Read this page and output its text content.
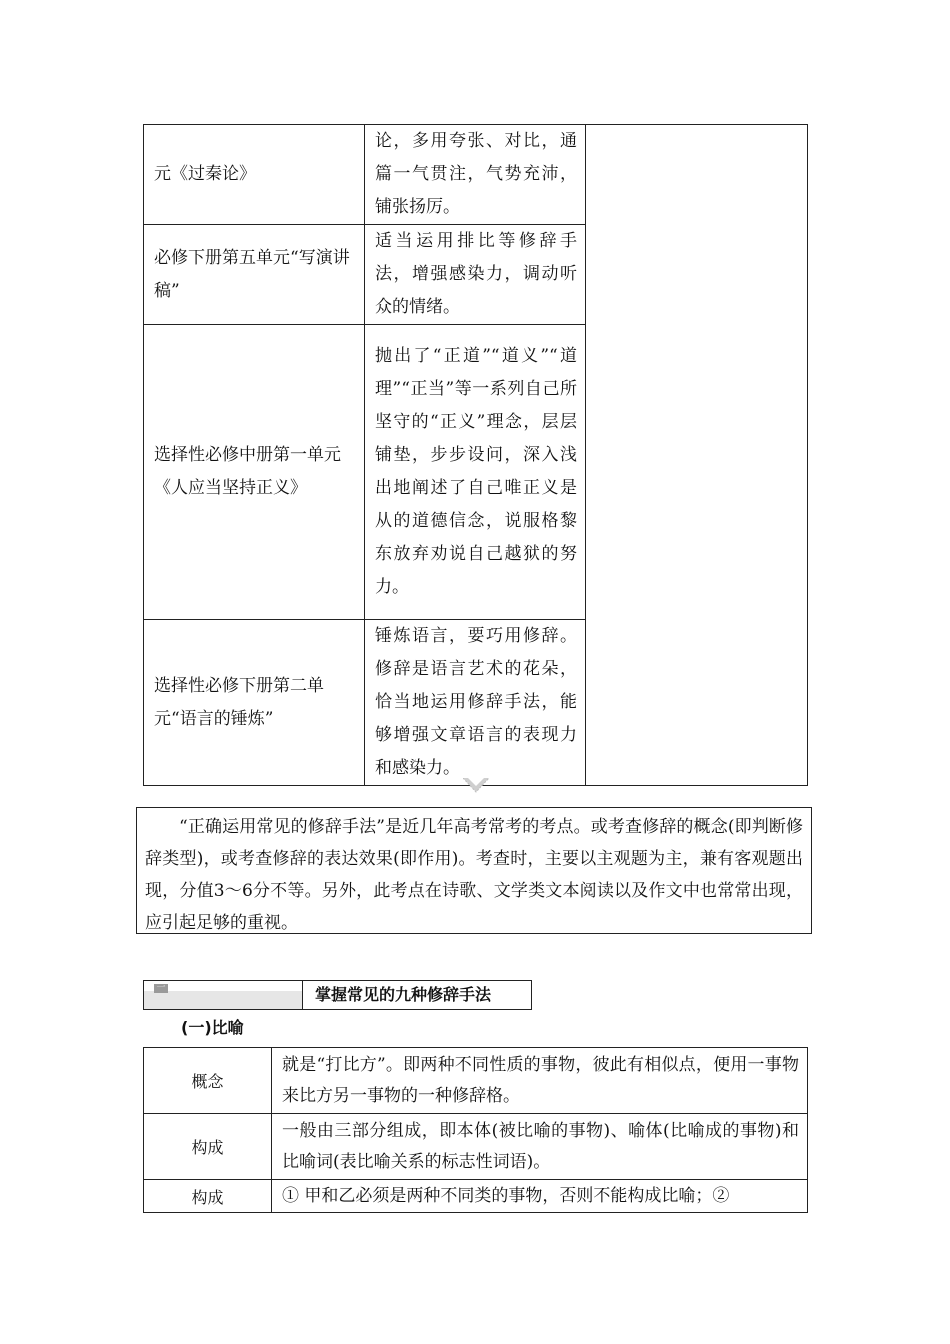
元《过秦论》	论，多用夸张、对比，通篇一气贯注，气势充沛，铺张扬厉。	
必修下册第五单元“写演讲稿”	适当运用排比等修辞手法，增强感染力，调动听众的情绪。	
选择性必修中册第一单元《人应当坚持正义》	抛出了“正道”“道义”“道理”“正当”等一系列自己所坚守的“正义”理念，层层铺垫，步步设问，深入浅出地阐述了自己唯正义是从的道德信念，说服格黎东放弃劝说自己越狱的努力。	
选择性必修下册第二单元“语言的锤炼”	锤炼语言，要巧用修辞。修辞是语言艺术的花朵，恰当地运用修辞手法，能够增强文章语言的表现力和感染力。	
“正确运用常见的修辞手法”是近几年高考常考的考点。或考查修辞的概念(即判断修辞类型)，或考查修辞的表达效果(即作用)。考查时，主要以主观题为主，兼有客观题出现，分值3～6分不等。另外，此考点在诗歌、文学类文本阅读以及作文中也常常出现，应引起足够的重视。
一	掌握常见的九种修辞手法
(一)比喻
概念	就是“打比方”。即两种不同性质的事物，彼此有相似点，便用一事物来比方另一事物的一种修辞格。
构成	一般由三部分组成，即本体(被比喻的事物)、喻体(比喻成的事物)和比喻词(表比喻关系的标志性词语)。
构成	① 甲和乙必须是两种不同类的事物，否则不能构成比喻；②
